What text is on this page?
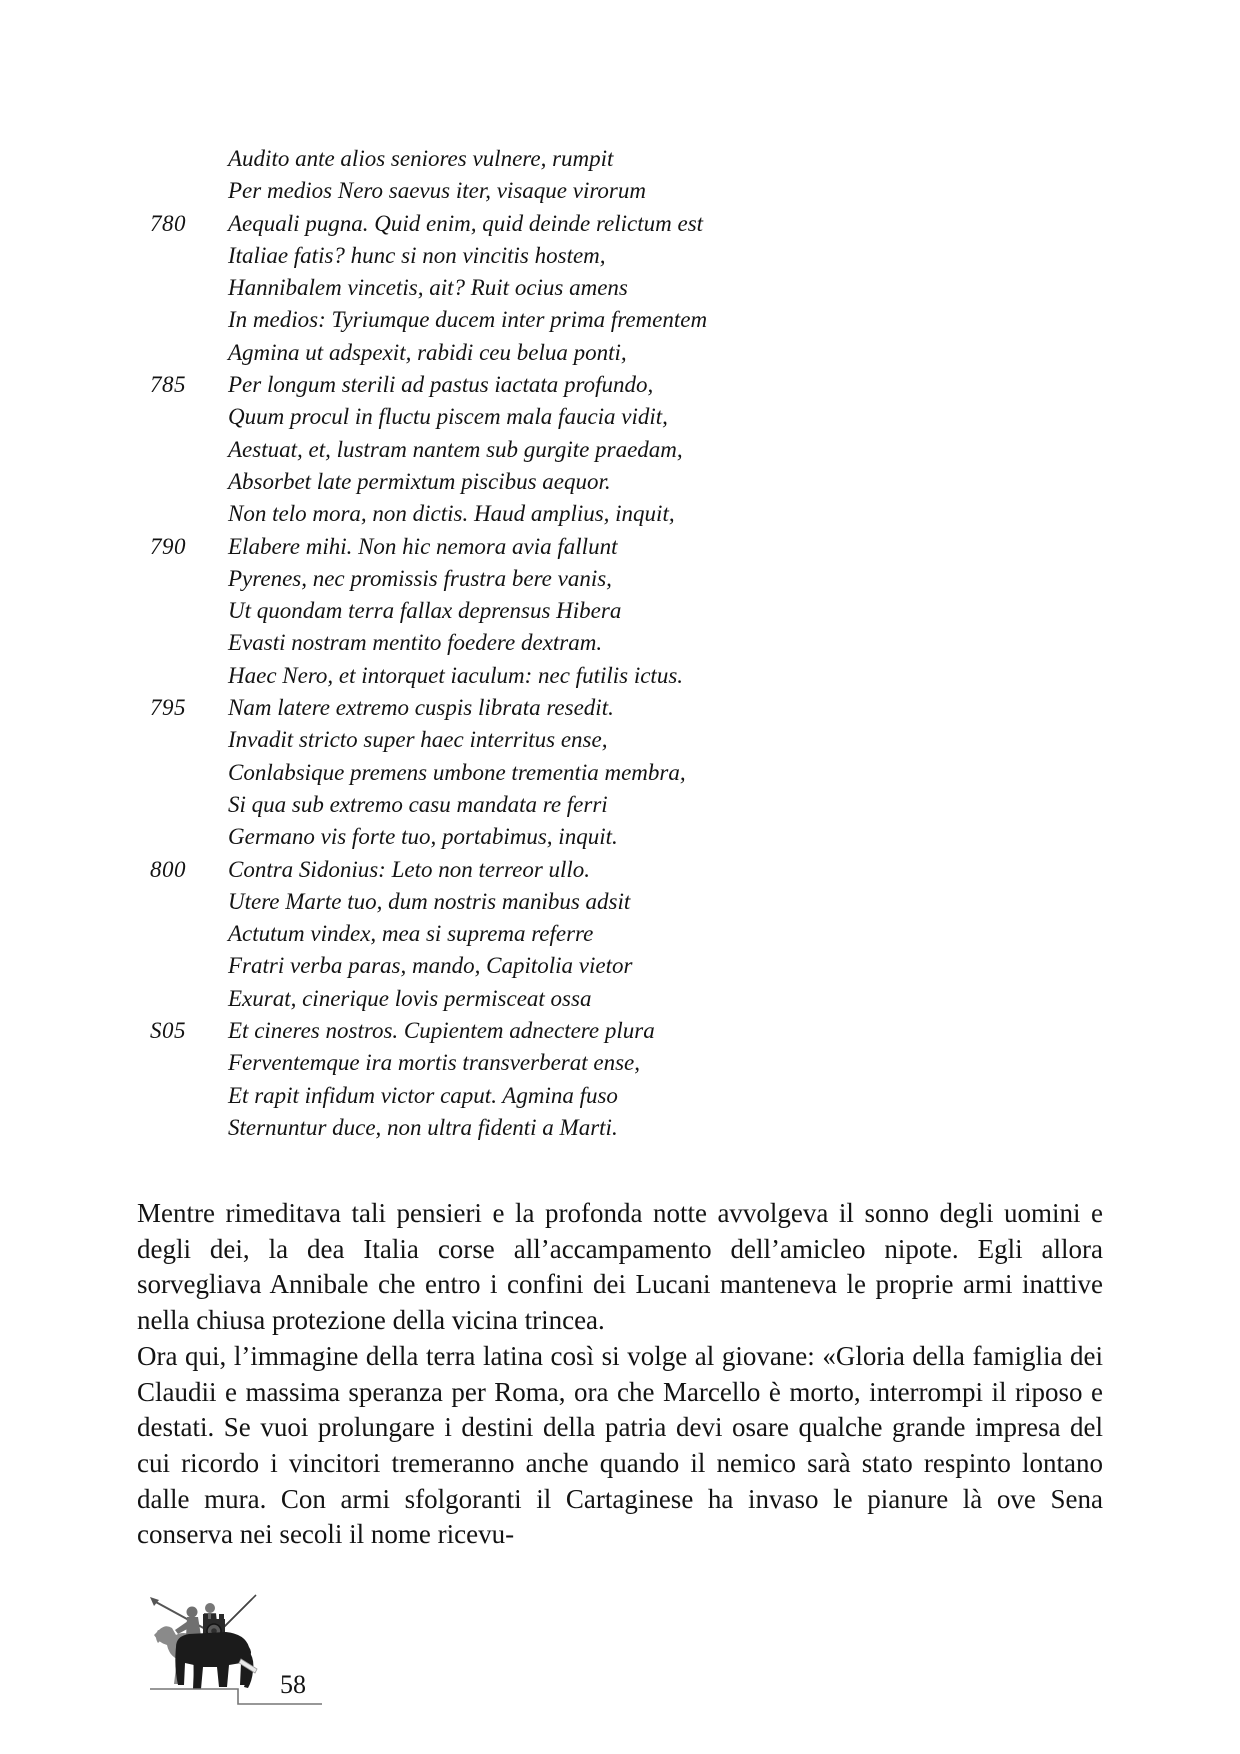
Audito ante alios seniores vulnere, rumpit
Per medios Nero saevus iter, visaque virorum
780	Aequali pugna. Quid enim, quid deinde relictum est
Italiae fatis? hunc si non vincitis hostem,
Hannibalem vincetis, ait? Ruit ocius amens
In medios: Tyriumque ducem inter prima frementem
Agmina ut adspexit, rabidi ceu belua ponti,
785	Per longum sterili ad pastus iactata profundo,
Quum procul in fluctu piscem mala faucia vidit,
Aestuat, et, lustram nantem sub gurgite praedam,
Absorbet late permixtum piscibus aequor.
Non telo mora, non dictis. Haud amplius, inquit,
790	Elabere mihi. Non hic nemora avia fallunt
Pyrenes, nec promissis frustra bere vanis,
Ut quondam terra fallax deprensus Hibera
Evasti nostram mentito foedere dextram.
Haec Nero, et intorquet iaculum: nec futilis ictus.
795	Nam latere extremo cuspis librata resedit.
Invadit stricto super haec interritus ense,
Conlabsique premens umbone trementia membra,
Si qua sub extremo casu mandata re ferri
Germano vis forte tuo, portabimus, inquit.
800	Contra Sidonius: Leto non terreor ullo.
Utere Marte tuo, dum nostris manibus adsit
Actutum vindex, mea si suprema referre
Fratri verba paras, mando, Capitolia vietor
Exurat, cinerique lovis permisceat ossa
S05	Et cineres nostros. Cupientem adnectere plura
Ferventemque ira mortis transverberat ense,
Et rapit infidum victor caput. Agmina fuso
Sternuntur duce, non ultra fidenti a Marti.

Mentre rimeditava tali pensieri e la profonda notte avvolgeva il sonno degli uomini e degli dei, la dea Italia corse all’accampamento dell’amicleo nipote. Egli allora sorvegliava Annibale che entro i confini dei Lucani manteneva le proprie armi inattive nella chiusa protezione della vicina trincea.

Ora qui, l’immagine della terra latina così si volge al giovane: «Gloria della famiglia dei Claudii e massima speranza per Roma, ora che Marcello è morto, interrompi il riposo e destati. Se vuoi prolungare i destini della patria devi osare qualche grande impresa del cui ricordo i vincitori tremeranno anche quando il nemico sarà stato respinto lontano dalle mura. Con armi sfolgoranti il Cartaginese ha invaso le pianure là ove Sena conserva nei secoli il nome ricevu-

58
